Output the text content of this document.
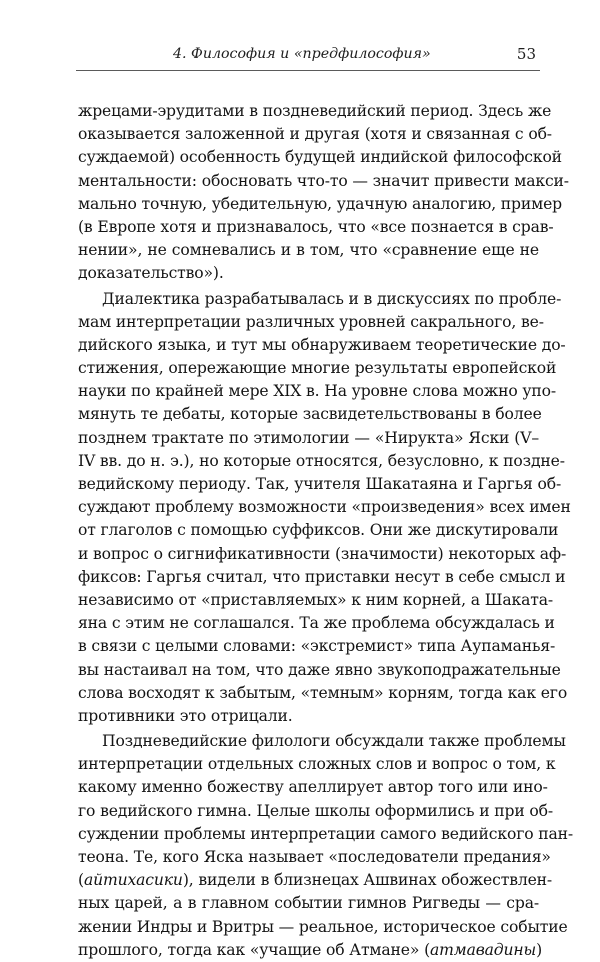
4. Философия и «предфилософия»	53
жрецами-эрудитами в поздневедийский период. Здесь же
оказывается заложенной и другая (хотя и связанная с об-
суждаемой) особенность будущей индийской философской
ментальности: обосновать что-то — значит привести макси-
мально точную, убедительную, удачную аналогию, пример
(в Европе хотя и признавалось, что «все познается в срав-
нении», не сомневались и в том, что «сравнение еще не
доказательство»).
Диалектика разрабатывалась и в дискуссиях по пробле-
мам интерпретации различных уровней сакрального, ве-
дийского языка, и тут мы обнаруживаем теоретические до-
стижения, опережающие многие результаты европейской
науки по крайней мере XIX в. На уровне слова можно упо-
мянуть те дебаты, которые засвидетельствованы в более
позднем трактате по этимологии — «Нирукта» Яски (V–
IV вв. до н. э.), но которые относятся, безусловно, к поздне-
ведийскому периоду. Так, учителя Шакатаяна и Гаргья об-
суждают проблему возможности «произведения» всех имен
от глаголов с помощью суффиксов. Они же дискутировали
и вопрос о сигнификативности (значимости) некоторых аф-
фиксов: Гаргья считал, что приставки несут в себе смысл и
независимо от «приставляемых» к ним корней, а Шаката-
яна с этим не соглашался. Та же проблема обсуждалась и
в связи с целыми словами: «экстремист» типа Аупаманья-
вы настаивал на том, что даже явно звукоподражательные
слова восходят к забытым, «темным» корням, тогда как его
противники это отрицали.
Поздневедийские филологи обсуждали также проблемы
интерпретации отдельных сложных слов и вопрос о том, к
какому именно божеству апеллирует автор того или ино-
го ведийского гимна. Целые школы оформились и при об-
суждении проблемы интерпретации самого ведийского пан-
теона. Те, кого Яска называет «последователи предания»
(айтихасики), видели в близнецах Ашвинах обожествлен-
ных царей, а в главном событии гимнов Ригведы — сра-
жении Индры и Вритры — реальное, историческое событие
прошлого, тогда как «учащие об Атмане» (атмавадины)
